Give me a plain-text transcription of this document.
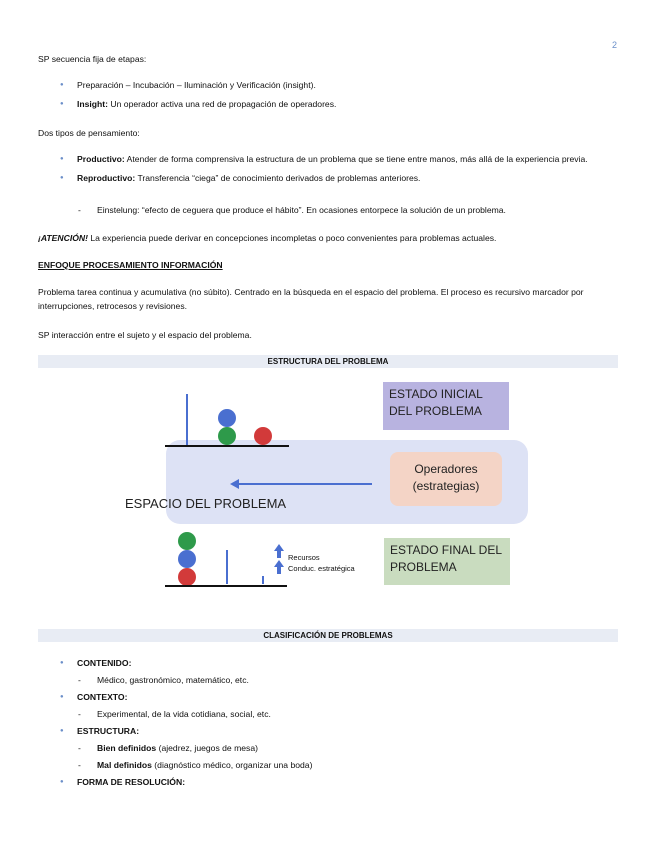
2

SP secuencia fija de etapas:

● Preparación – Incubación – Iluminación y Verificación (insight).
● Insight: Un operador activa una red de propagación de operadores.

Dos tipos de pensamiento:

● Productivo: Atender de forma comprensiva la estructura de un problema que se tiene entre manos, más allá de la experiencia previa.
● Reproductivo: Transferencia “ciega” de conocimiento derivados de problemas anteriores.
- Einstelung: “efecto de ceguera que produce el hábito”. En ocasiones entorpece la solución de un problema.

¡ATENCIÓN! La experiencia puede derivar en concepciones incompletas o poco convenientes para problemas actuales.

ENFOQUE PROCESAMIENTO INFORMACIÓN

Problema tarea continua y acumulativa (no súbito). Centrado en la búsqueda en el espacio del problema. El proceso es recursivo marcador por interrupciones, retrocesos y revisiones.

SP interacción entre el sujeto y el espacio del problema.

ESTRUCTURA DEL PROBLEMA
ESTADO INICIAL DEL PROBLEMA
Operadores (estrategias)
ESPACIO DEL PROBLEMA
Recursos
Conduc. estratégica
ESTADO FINAL DEL PROBLEMA
CLASIFICACIÓN DE PROBLEMAS
● CONTENIDO:
- Médico, gastronómico, matemático, etc.
● CONTEXTO:
- Experimental, de la vida cotidiana, social, etc.
● ESTRUCTURA:
- Bien definidos (ajedrez, juegos de mesa)
- Mal definidos (diagnóstico médico, organizar una boda)
● FORMA DE RESOLUCIÓN:
